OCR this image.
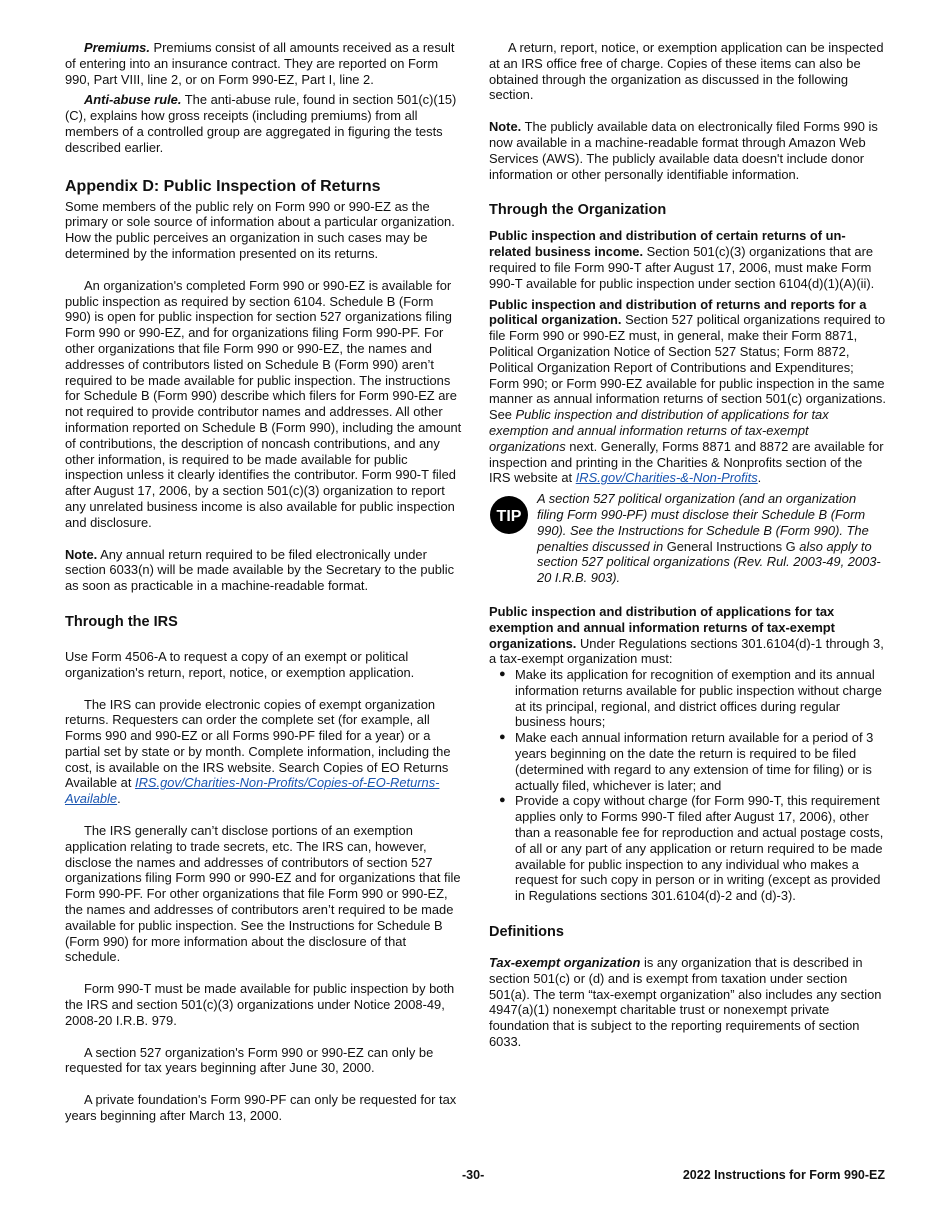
Premiums. Premiums consist of all amounts received as a result of entering into an insurance contract. They are reported on Form 990, Part VIII, line 2, or on Form 990-EZ, Part I, line 2.

Anti-abuse rule. The anti-abuse rule, found in section 501(c)(15)(C), explains how gross receipts (including premiums) from all members of a controlled group are aggregated in figuring the tests described earlier.

Appendix D: Public Inspection of Returns

Some members of the public rely on Form 990 or 990-EZ as the primary or sole source of information about a particular organization. How the public perceives an organization in such cases may be determined by the information presented on its returns.

An organization's completed Form 990 or 990-EZ is available for public inspection as required by section 6104. Schedule B (Form 990) is open for public inspection for section 527 organizations filing Form 990 or 990-EZ, and for organizations filing Form 990-PF. For other organizations that file Form 990 or 990-EZ, the names and addresses of contributors listed on Schedule B (Form 990) aren’t required to be made available for public inspection. The instructions for Schedule B (Form 990) describe which filers for Form 990-EZ are not required to provide contributor names and addresses. All other information reported on Schedule B (Form 990), including the amount of contributions, the description of noncash contributions, and any other information, is required to be made available for public inspection unless it clearly identifies the contributor. Form 990-T filed after August 17, 2006, by a section 501(c)(3) organization to report any unrelated business income is also available for public inspection and disclosure.

Note. Any annual return required to be filed electronically under section 6033(n) will be made available by the Secretary to the public as soon as practicable in a machine-readable format.

Through the IRS

Use Form 4506-A to request a copy of an exempt or political organization's return, report, notice, or exemption application.

The IRS can provide electronic copies of exempt organization returns. Requesters can order the complete set (for example, all Forms 990 and 990-EZ or all Forms 990-PF filed for a year) or a partial set by state or by month. Complete information, including the cost, is available on the IRS website. Search Copies of EO Returns Available at IRS.gov/Charities-Non-Profits/Copies-of-EO-Returns-Available.

The IRS generally can’t disclose portions of an exemption application relating to trade secrets, etc. The IRS can, however, disclose the names and addresses of contributors of section 527 organizations filing Form 990 or 990-EZ and for organizations that file Form 990-PF. For other organizations that file Form 990 or 990-EZ, the names and addresses of contributors aren’t required to be made available for public inspection. See the Instructions for Schedule B (Form 990) for more information about the disclosure of that schedule.

Form 990-T must be made available for public inspection by both the IRS and section 501(c)(3) organizations under Notice 2008-49, 2008-20 I.R.B. 979.

A section 527 organization's Form 990 or 990-EZ can only be requested for tax years beginning after June 30, 2000.

A private foundation's Form 990-PF can only be requested for tax years beginning after March 13, 2000.

A return, report, notice, or exemption application can be inspected at an IRS office free of charge. Copies of these items can also be obtained through the organization as discussed in the following section.

Note. The publicly available data on electronically filed Forms 990 is now available in a machine-readable format through Amazon Web Services (AWS). The publicly available data doesn't include donor information or other personally identifiable information.

Through the Organization

Public inspection and distribution of certain returns of un-related business income. Section 501(c)(3) organizations that are required to file Form 990-T after August 17, 2006, must make Form 990-T available for public inspection under section 6104(d)(1)(A)(ii).

Public inspection and distribution of returns and reports for a political organization. Section 527 political organizations required to file Form 990 or 990-EZ must, in general, make their Form 8871, Political Organization Notice of Section 527 Status; Form 8872, Political Organization Report of Contributions and Expenditures; Form 990; or Form 990-EZ available for public inspection in the same manner as annual information returns of section 501(c) organizations. See Public inspection and distribution of applications for tax exemption and annual information returns of tax-exempt organizations next. Generally, Forms 8871 and 8872 are available for inspection and printing in the Charities & Nonprofits section of the IRS website at IRS.gov/Charities-&-Non-Profits.

TIP

A section 527 political organization (and an organization filing Form 990-PF) must disclose their Schedule B (Form 990). See the Instructions for Schedule B (Form 990). The penalties discussed in General Instructions G also apply to section 527 political organizations (Rev. Rul. 2003-49, 2003-20 I.R.B. 903).

Public inspection and distribution of applications for tax exemption and annual information returns of tax-exempt organizations. Under Regulations sections 301.6104(d)-1 through 3, a tax-exempt organization must:

● Make its application for recognition of exemption and its annual information returns available for public inspection without charge at its principal, regional, and district offices during regular business hours;
● Make each annual information return available for a period of 3 years beginning on the date the return is required to be filed (determined with regard to any extension of time for filing) or is actually filed, whichever is later; and
● Provide a copy without charge (for Form 990-T, this requirement applies only to Forms 990-T filed after August 17, 2006), other than a reasonable fee for reproduction and actual postage costs, of all or any part of any application or return required to be made available for public inspection to any individual who makes a request for such copy in person or in writing (except as provided in Regulations sections 301.6104(d)-2 and (d)-3).
Definitions

Tax-exempt organization is any organization that is described in section 501(c) or (d) and is exempt from taxation under section 501(a). The term “tax-exempt organization” also includes any section 4947(a)(1) nonexempt charitable trust or nonexempt private foundation that is subject to the reporting requirements of section 6033.

-30-	2022 Instructions for Form 990-EZ
